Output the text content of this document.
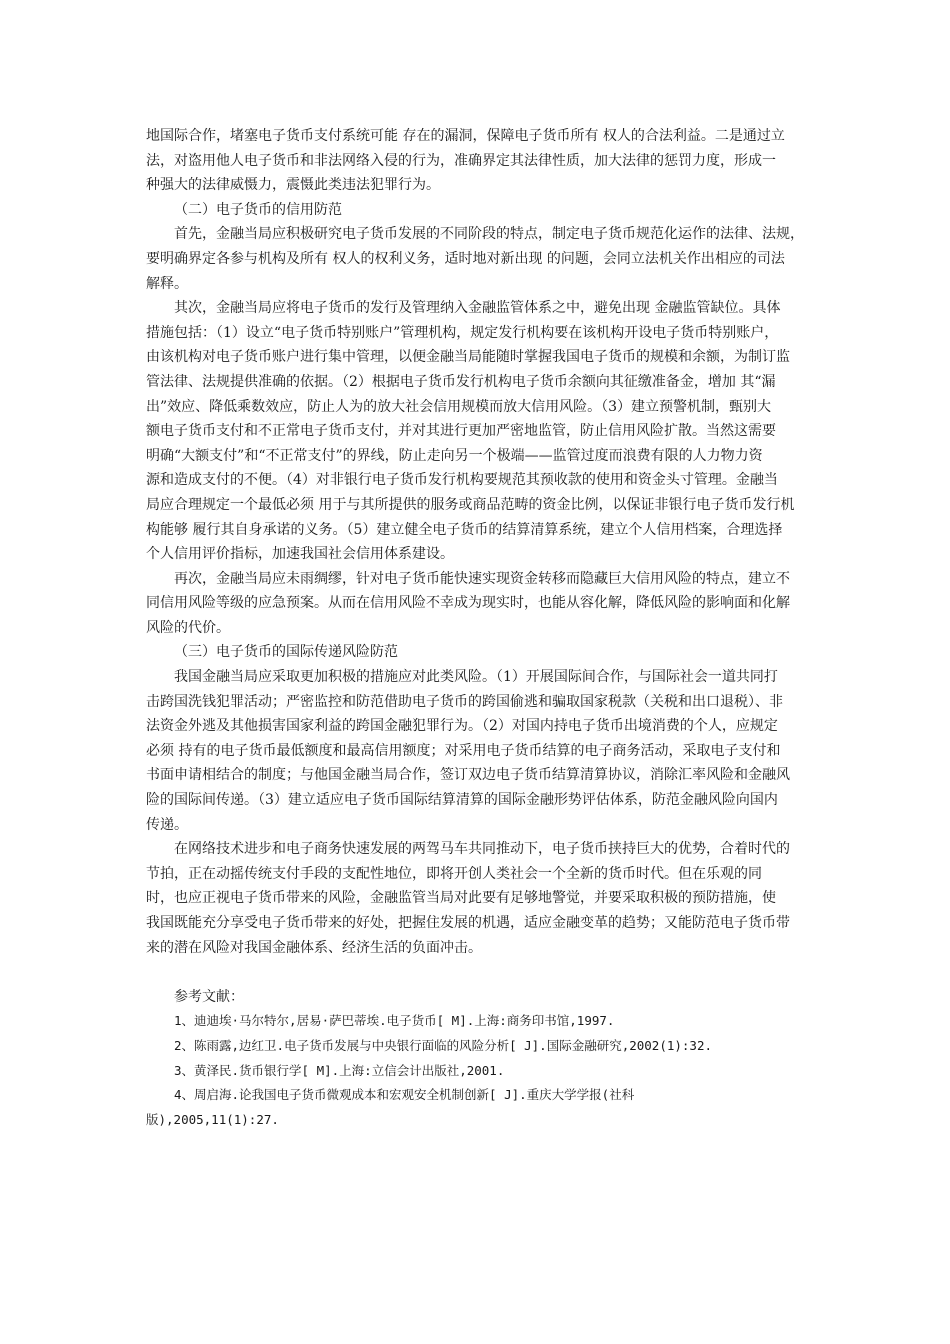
地国际合作，堵塞电子货币支付系统可能 存在的漏洞，保障电子货币所有 权人的合法利益。二是通过立
法，对盗用他人电子货币和非法网络入侵的行为，准确界定其法律性质，加大法律的惩罚力度，形成一
种强大的法律威慑力，震慑此类违法犯罪行为。
（二）电子货币的信用防范
首先，金融当局应积极研究电子货币发展的不同阶段的特点，制定电子货币规范化运作的法律、法规，
要明确界定各参与机构及所有 权人的权利义务，适时地对新出现 的问题，会同立法机关作出相应的司法
解释。
其次，金融当局应将电子货币的发行及管理纳入金融监管体系之中，避免出现 金融监管缺位。具体
措施包括：（1）设立“电子货币特别账户”管理机构，规定发行机构要在该机构开设电子货币特别账户，
由该机构对电子货币账户进行集中管理，以便金融当局能随时掌握我国电子货币的规模和余额，为制订监
管法律、法规提供准确的依据。（2）根据电子货币发行机构电子货币余额向其征缴准备金，增加 其“漏
出”效应、降低乘数效应，防止人为的放大社会信用规模而放大信用风险。（3）建立预警机制，甄别大
额电子货币支付和不正常电子货币支付，并对其进行更加严密地监管，防止信用风险扩散。当然这需要
明确“大额支付”和“不正常支付”的界线，防止走向另一个极端——监管过度而浪费有限的人力物力资
源和造成支付的不便。（4）对非银行电子货币发行机构要规范其预收款的使用和资金头寸管理。金融当
局应合理规定一个最低必须 用于与其所提供的服务或商品范畴的资金比例，以保证非银行电子货币发行机
构能够 履行其自身承诺的义务。（5）建立健全电子货币的结算清算系统，建立个人信用档案，合理选择
个人信用评价指标，加速我国社会信用体系建设。
再次，金融当局应未雨绸缪，针对电子货币能快速实现资金转移而隐藏巨大信用风险的特点，建立不
同信用风险等级的应急预案。从而在信用风险不幸成为现实时，也能从容化解，降低风险的影响面和化解
风险的代价。
（三）电子货币的国际传递风险防范
我国金融当局应采取更加积极的措施应对此类风险。（1）开展国际间合作，与国际社会一道共同打
击跨国洗钱犯罪活动；严密监控和防范借助电子货币的跨国偷逃和骗取国家税款（关税和出口退税）、非
法资金外逃及其他损害国家利益的跨国金融犯罪行为。（2）对国内持电子货币出境消费的个人，应规定
必须 持有的电子货币最低额度和最高信用额度；对采用电子货币结算的电子商务活动，采取电子支付和
书面申请相结合的制度；与他国金融当局合作，签订双边电子货币结算清算协议，消除汇率风险和金融风
险的国际间传递。（3）建立适应电子货币国际结算清算的国际金融形势评估体系，防范金融风险向国内
传递。
在网络技术进步和电子商务快速发展的两驾马车共同推动下，电子货币挟持巨大的优势，合着时代的
节拍，正在动摇传统支付手段的支配性地位，即将开创人类社会一个全新的货币时代。但在乐观的同
时，也应正视电子货币带来的风险，金融监管当局对此要有足够地警觉，并要采取积极的预防措施，使
我国既能充分享受电子货币带来的好处，把握住发展的机遇，适应金融变革的趋势；又能防范电子货币带
来的潜在风险对我国金融体系、经济生活的负面冲击。
参考文献：
1、迪迪埃·马尔特尔,居易·萨巴蒂埃.电子货币[ M].上海:商务印书馆,1997.
2、陈雨露,边红卫.电子货币发展与中央银行面临的风险分析[ J].国际金融研究,2002(1):32.
3、黄泽民.货币银行学[ M].上海:立信会计出版社,2001.
4、周启海.论我国电子货币微观成本和宏观安全机制创新[ J].重庆大学学报(社科
版),2005,11(1):27.
